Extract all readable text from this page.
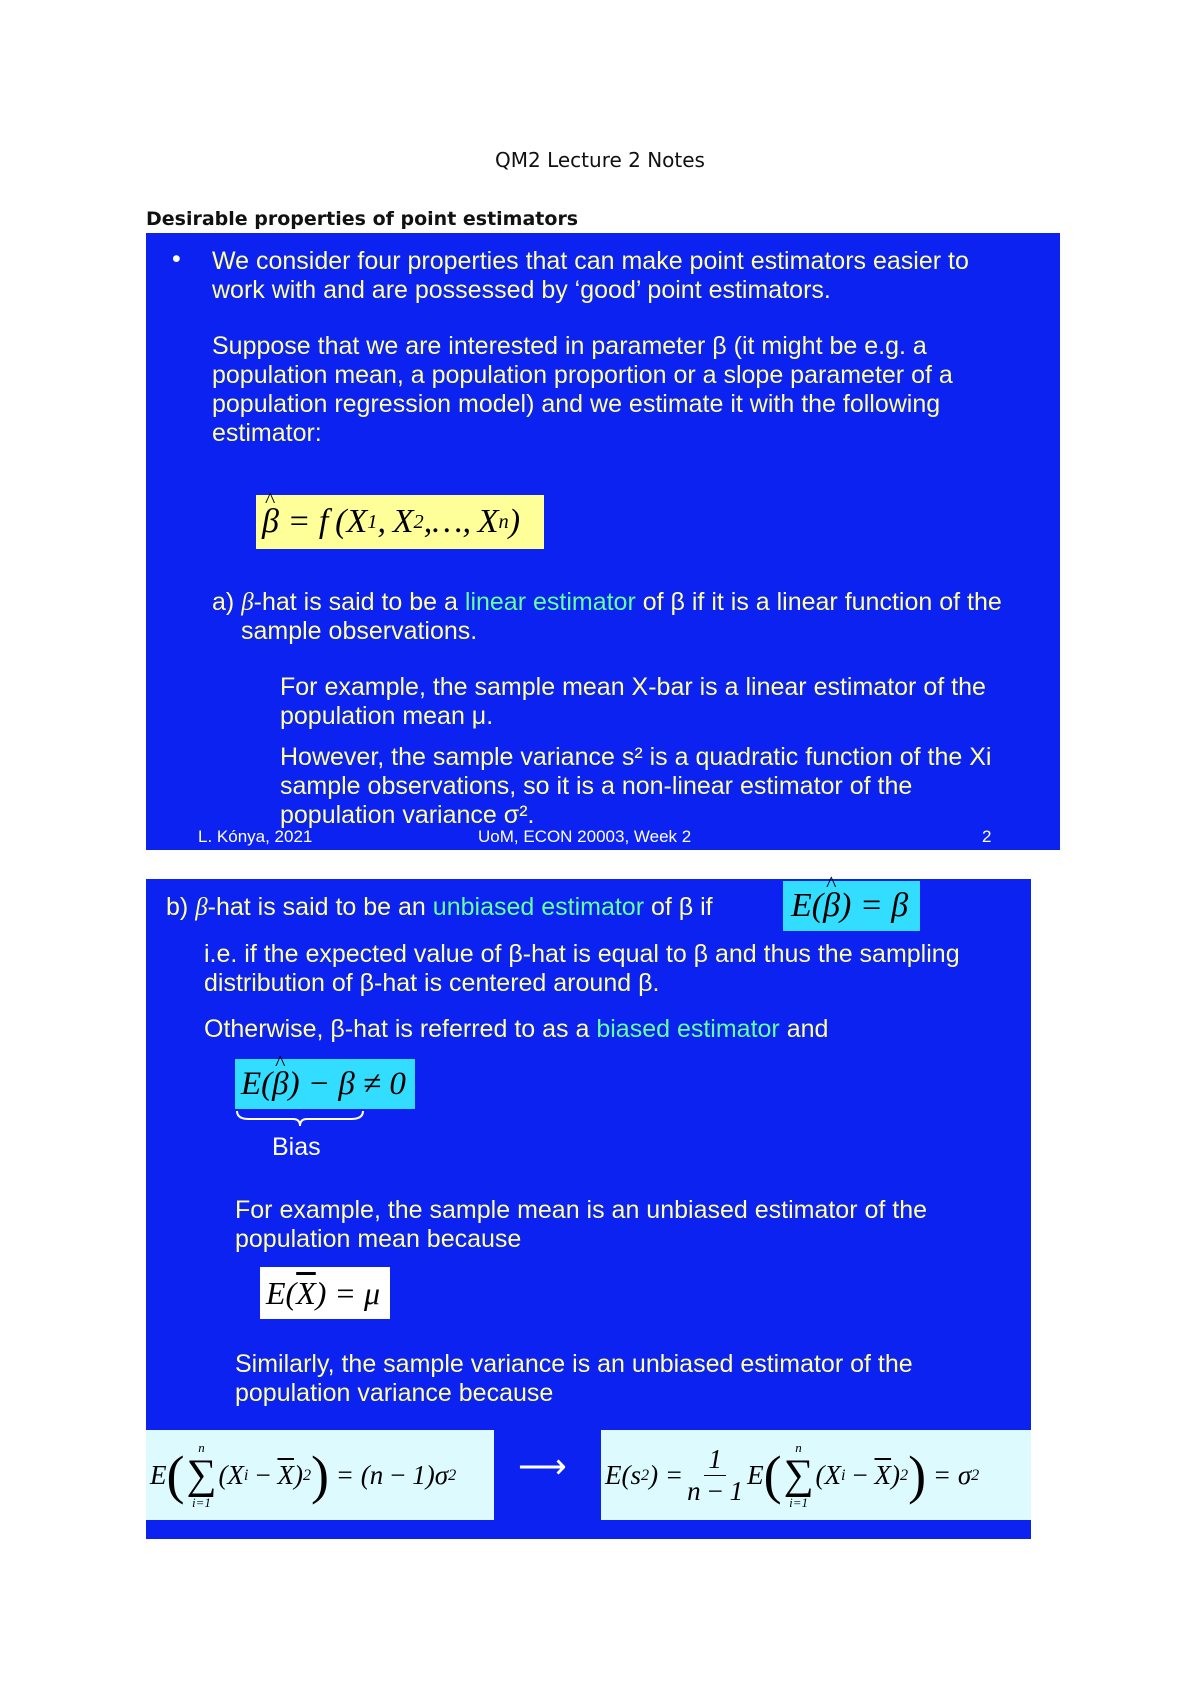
QM2 Lecture 2 Notes
Desirable properties of point estimators
• We consider four properties that can make point estimators easier to

work with and are possessed by ‘good’ point estimators.

Suppose that we are interested in parameter β (it might be e.g. a

population mean, a population proportion or a slope parameter of a

population regression model) and we estimate it with the following

estimator:

^ β = f (X 1 , X 2 ,…, X n )

a) β-hat is said to be a linear estimator of β if it is a linear function of the

sample observations.

For example, the sample mean X-bar is a linear estimator of the

population mean μ.

However, the sample variance s² is a quadratic function of the Xi

sample observations, so it is a non-linear estimator of the

population variance σ².

L. Kónya, 2021	UoM, ECON 20003, Week 2	2

b) β-hat is said to be an unbiased estimator of β if E( ^ β ) = β

i.e. if the expected value of β-hat is equal to β and thus the sampling

distribution of β-hat is centered around β.

Otherwise, β-hat is referred to as a biased estimator and

E( ^ β ) − β ≠ 0

Bias

For example, the sample mean is an unbiased estimator of the

population mean because

E( $\overline{X}$ ) = μ

Similarly, the sample variance is an unbiased estimator of the

population variance because

E ( n
∑
i=1
(X $i - \overline{X}$ ) 2 ) = (n − 1)σ 2 ⟶ E(s 2 ) = $\frac{1}{n - 1}$ E ( n
∑
i=1
(X $i - \overline{X}$ ) 2 ) = σ 2
